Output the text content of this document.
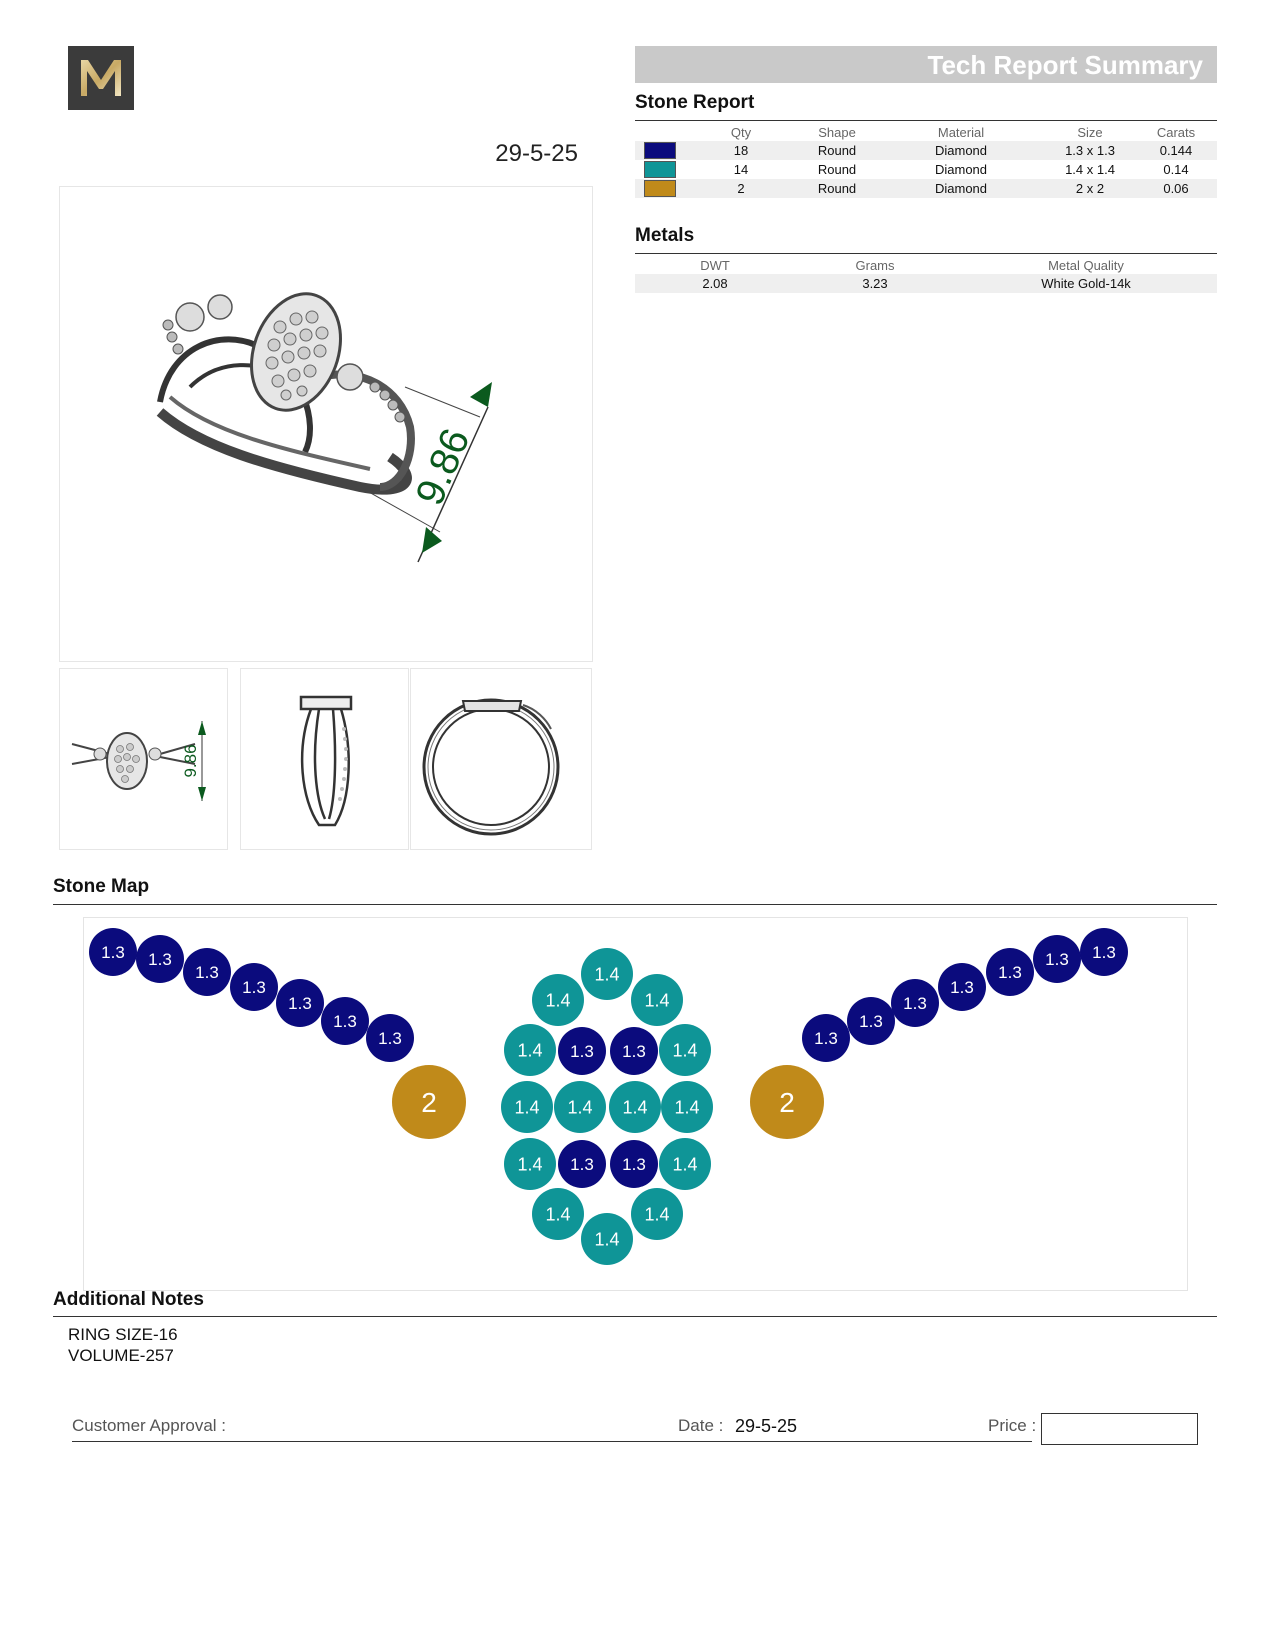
29-5-25
Tech Report Summary
Stone Report
	Qty	Shape	Material	Size	Carats
	18	Round	Diamond	1.3 x 1.3	0.144
	14	Round	Diamond	1.4 x 1.4	0.14
	2	Round	Diamond	2 x 2	0.06
Metals
DWT	Grams	Metal Quality
2.08	3.23	White Gold-14k
9.86
9.86
Stone Map
1.3 1.3
1.3
1.3
1.3
1.3
1.3
2
1.3
1.3
1.3
1.3
1.3
1.3
1.3
2
1.4
1.4	1.4
1.4 1.3 1.3 1.4
1.4 1.4 1.4 1.4
1.4 1.3 1.3 1.4
1.4	1.4
1.4
Additional Notes
RING SIZE-16
VOLUME-257
Customer Approval :	Date : 29-5-25	Price :
